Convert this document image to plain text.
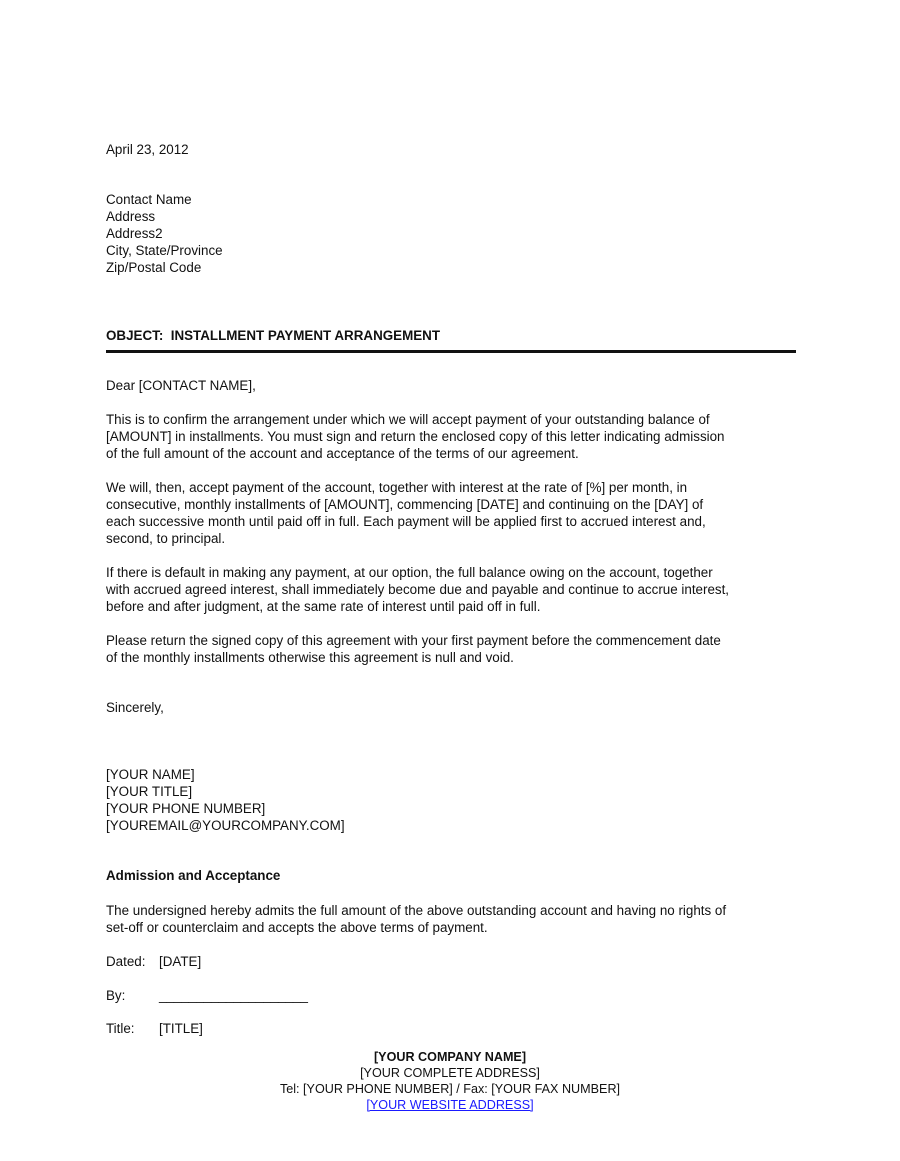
April 23, 2012
Contact Name
Address
Address2
City, State/Province
Zip/Postal Code
OBJECT:  INSTALLMENT PAYMENT ARRANGEMENT
Dear [CONTACT NAME],
This is to confirm the arrangement under which we will accept payment of your outstanding balance of
[AMOUNT] in installments. You must sign and return the enclosed copy of this letter indicating admission
of the full amount of the account and acceptance of the terms of our agreement.
We will, then, accept payment of the account, together with interest at the rate of [%] per month, in
consecutive, monthly installments of [AMOUNT], commencing [DATE] and continuing on the [DAY] of
each successive month until paid off in full. Each payment will be applied first to accrued interest and,
second, to principal.
If there is default in making any payment, at our option, the full balance owing on the account, together
with accrued agreed interest, shall immediately become due and payable and continue to accrue interest,
before and after judgment, at the same rate of interest until paid off in full.
Please return the signed copy of this agreement with your first payment before the commencement date
of the monthly installments otherwise this agreement is null and void.
Sincerely,
[YOUR NAME]
[YOUR TITLE]
[YOUR PHONE NUMBER]
[YOUREMAIL@YOURCOMPANY.COM]
Admission and Acceptance
The undersigned hereby admits the full amount of the above outstanding account and having no rights of
set-off or counterclaim and accepts the above terms of payment.
Dated: [DATE]
By:	____________________
Title: [TITLE]
[YOUR COMPANY NAME]
[YOUR COMPLETE ADDRESS]
Tel: [YOUR PHONE NUMBER] / Fax: [YOUR FAX NUMBER]
[YOUR WEBSITE ADDRESS]
